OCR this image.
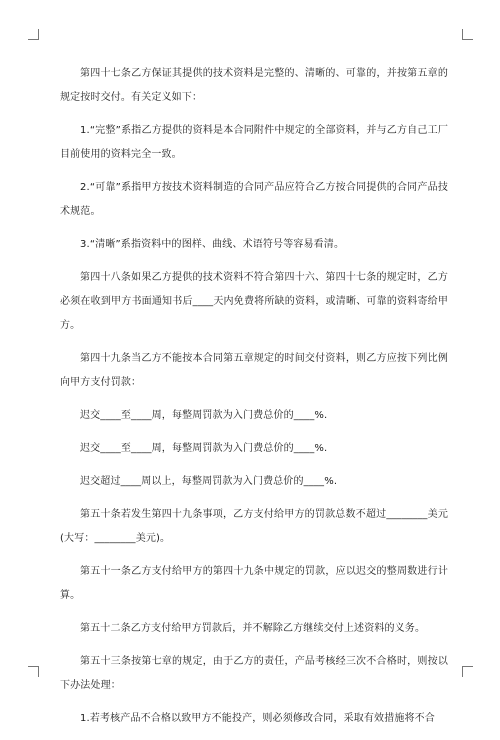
第四十七条乙方保证其提供的技术资料是完整的、清晰的、可靠的，并按第五章的规定按时交付。有关定义如下：

1.“完整”系指乙方提供的资料是本合同附件中规定的全部资料，并与乙方自己工厂目前使用的资料完全一致。

2.“可靠”系指甲方按技术资料制造的合同产品应符合乙方按合同提供的合同产品技术规范。

3.“清晰”系指资料中的图样、曲线、术语符号等容易看清。

第四十八条如果乙方提供的技术资料不符合第四十六、第四十七条的规定时，乙方必须在收到甲方书面通知书后____天内免费将所缺的资料，或清晰、可靠的资料寄给甲方。

第四十九条当乙方不能按本合同第五章规定的时间交付资料，则乙方应按下列比例向甲方支付罚款：

迟交____至____周，每整周罚款为入门费总价的____%.

迟交____至____周，每整周罚款为入门费总价的____%.

迟交超过____周以上，每整周罚款为入门费总价的____%.

第五十条若发生第四十九条事项，乙方支付给甲方的罚款总数不超过________美元(大写：________美元)。

第五十一条乙方支付给甲方的第四十九条中规定的罚款，应以迟交的整周数进行计算。

第五十二条乙方支付给甲方罚款后，并不解除乙方继续交付上述资料的义务。

第五十三条按第七章的规定，由于乙方的责任，产品考核经三次不合格时，则按以下办法处理：

1.若考核产品不合格以致甲方不能投产，则必须修改合同，采取有效措施将不合
